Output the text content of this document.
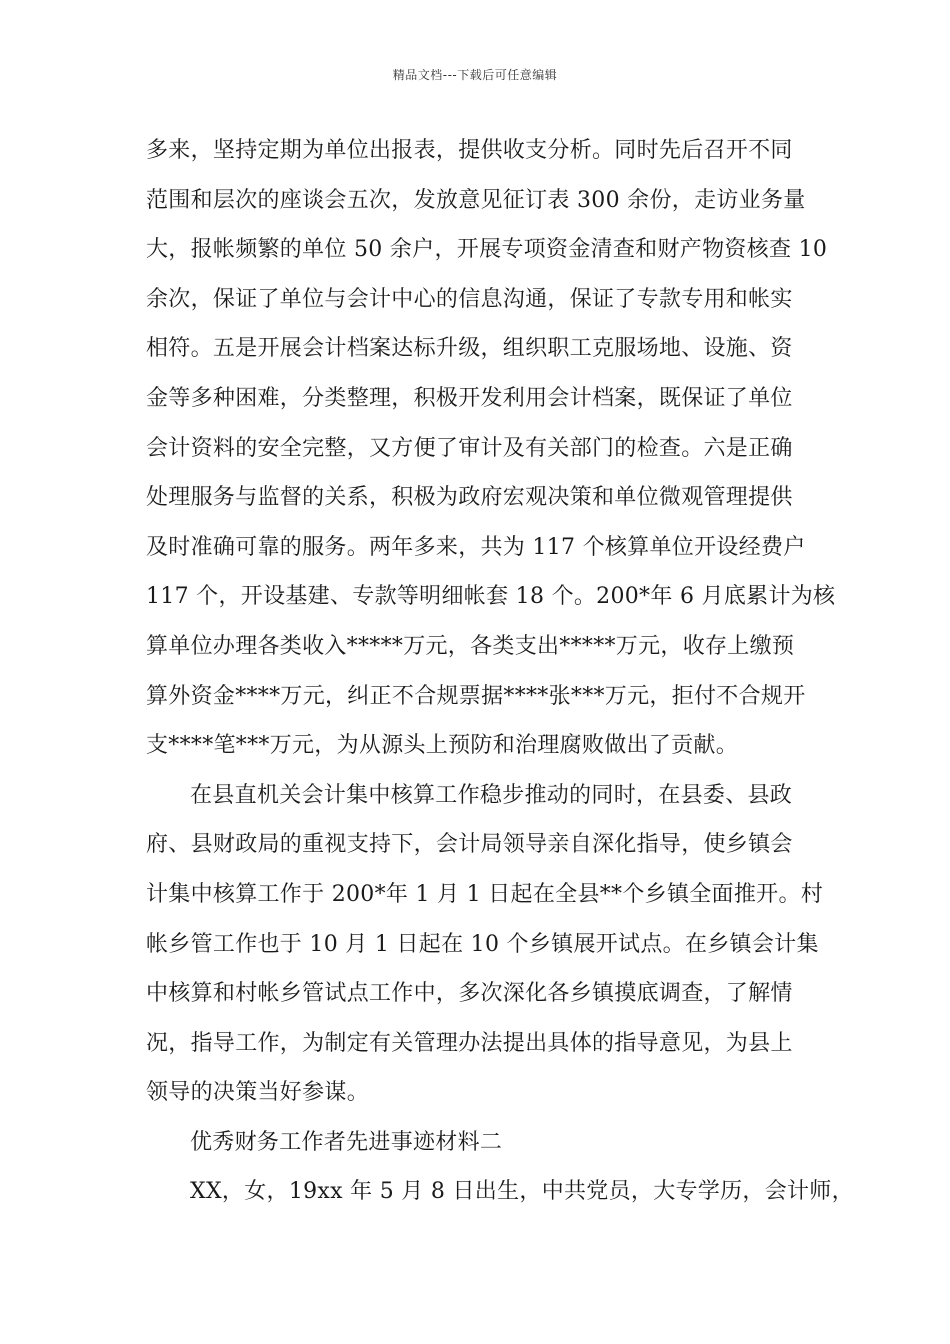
精品文档---下载后可任意编辑
多来，坚持定期为单位出报表，提供收支分析。同时先后召开不同
范围和层次的座谈会五次，发放意见征订表 300 余份，走访业务量
大，报帐频繁的单位 50 余户，开展专项资金清查和财产物资核查 10
余次，保证了单位与会计中心的信息沟通，保证了专款专用和帐实
相符。五是开展会计档案达标升级，组织职工克服场地、设施、资
金等多种困难，分类整理，积极开发利用会计档案，既保证了单位
会计资料的安全完整，又方便了审计及有关部门的检查。六是正确
处理服务与监督的关系，积极为政府宏观决策和单位微观管理提供
及时准确可靠的服务。两年多来，共为 117 个核算单位开设经费户
117 个，开设基建、专款等明细帐套 18 个。200*年 6 月底累计为核
算单位办理各类收入*****万元，各类支出*****万元，收存上缴预
算外资金****万元，纠正不合规票据****张***万元，拒付不合规开
支****笔***万元，为从源头上预防和治理腐败做出了贡献。
在县直机关会计集中核算工作稳步推动的同时，在县委、县政
府、县财政局的重视支持下，会计局领导亲自深化指导，使乡镇会
计集中核算工作于 200*年 1 月 1 日起在全县**个乡镇全面推开。村
帐乡管工作也于 10 月 1 日起在 10 个乡镇展开试点。在乡镇会计集
中核算和村帐乡管试点工作中，多次深化各乡镇摸底调查，了解情
况，指导工作，为制定有关管理办法提出具体的指导意见，为县上
领导的决策当好参谋。
优秀财务工作者先进事迹材料二
XX，女，19xx 年 5 月 8 日出生，中共党员，大专学历，会计师，
